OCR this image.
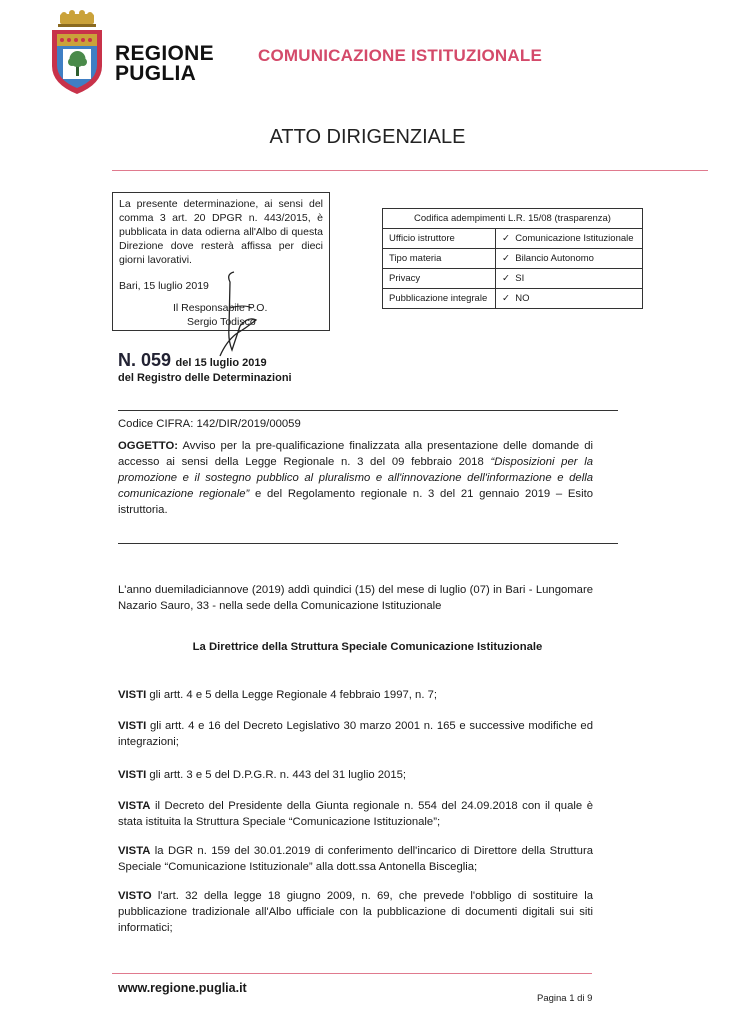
REGIONE
PUGLIA
COMUNICAZIONE ISTITUZIONALE
ATTO DIRIGENZIALE
La presente determinazione, ai sensi del comma 3 art. 20 DPGR n. 443/2015, è pubblicata in data odierna all'Albo di questa Direzione dove resterà affissa per dieci giorni lavorativi.
Bari, 15 luglio 2019
Il Responsabile P.O.
Sergio Todisco
Codifica adempimenti L.R. 15/08 (trasparenza)	
Ufficio istruttore	✓ Comunicazione Istituzionale
Tipo materia	✓ Bilancio Autonomo
Privacy	✓ SI
Pubblicazione integrale	✓ NO
N. 059 del 15 luglio 2019
del Registro delle Determinazioni
Codice CIFRA: 142/DIR/2019/00059
OGGETTO: Avviso per la pre-qualificazione finalizzata alla presentazione delle domande di accesso ai sensi della Legge Regionale n. 3 del 09 febbraio 2018 “Disposizioni per la promozione e il sostegno pubblico al pluralismo e all'innovazione dell'informazione e della comunicazione regionale” e del Regolamento regionale n. 3 del 21 gennaio 2019 – Esito istruttoria.
L'anno duemiladiciannove (2019) addì quindici (15) del mese di luglio (07) in Bari - Lungomare Nazario Sauro, 33 - nella sede della Comunicazione Istituzionale
La Direttrice della Struttura Speciale Comunicazione Istituzionale
VISTI gli artt. 4 e 5 della Legge Regionale 4 febbraio 1997, n. 7;
VISTI gli artt. 4 e 16 del Decreto Legislativo 30 marzo 2001 n. 165 e successive modifiche ed integrazioni;
VISTI gli artt. 3 e 5 del D.P.G.R. n. 443 del 31 luglio 2015;
VISTA il Decreto del Presidente della Giunta regionale n. 554 del 24.09.2018 con il quale è stata istituita la Struttura Speciale “Comunicazione Istituzionale”;
VISTA la DGR n. 159 del 30.01.2019 di conferimento dell'incarico di Direttore della Struttura Speciale “Comunicazione Istituzionale” alla dott.ssa Antonella Bisceglia;
VISTO l'art. 32 della legge 18 giugno 2009, n. 69, che prevede l'obbligo di sostituire la pubblicazione tradizionale all'Albo ufficiale con la pubblicazione di documenti digitali sui siti informatici;
www.regione.puglia.it
Pagina 1 di 9
